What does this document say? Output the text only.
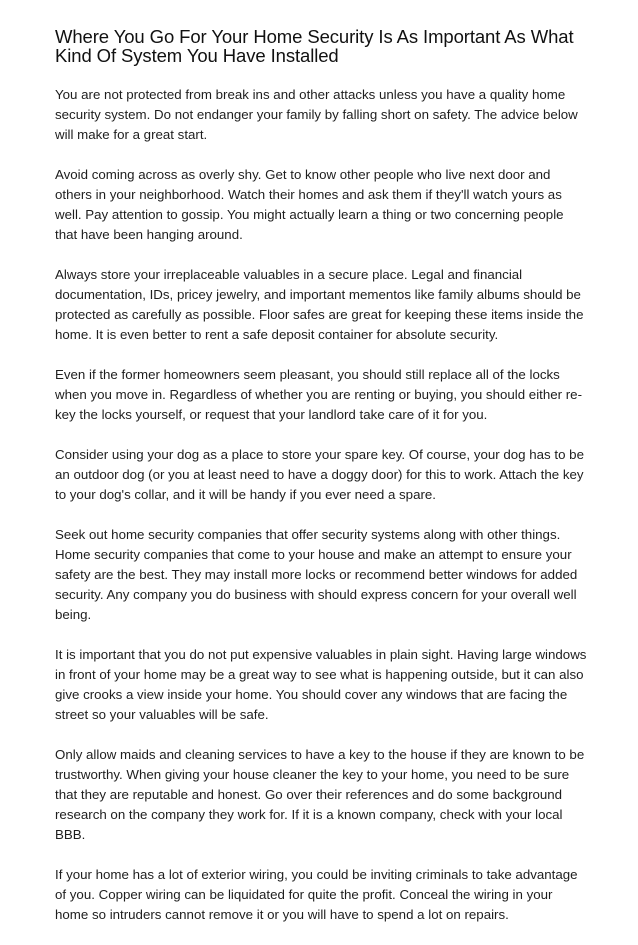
Where You Go For Your Home Security Is As Important As What Kind Of System You Have Installed

You are not protected from break ins and other attacks unless you have a quality home security system. Do not endanger your family by falling short on safety. The advice below will make for a great start.

Avoid coming across as overly shy. Get to know other people who live next door and others in your neighborhood. Watch their homes and ask them if they'll watch yours as well. Pay attention to gossip. You might actually learn a thing or two concerning people that have been hanging around.

Always store your irreplaceable valuables in a secure place. Legal and financial documentation, IDs, pricey jewelry, and important mementos like family albums should be protected as carefully as possible. Floor safes are great for keeping these items inside the home. It is even better to rent a safe deposit container for absolute security.

Even if the former homeowners seem pleasant, you should still replace all of the locks when you move in. Regardless of whether you are renting or buying, you should either re-key the locks yourself, or request that your landlord take care of it for you.

Consider using your dog as a place to store your spare key. Of course, your dog has to be an outdoor dog (or you at least need to have a doggy door) for this to work. Attach the key to your dog's collar, and it will be handy if you ever need a spare.

Seek out home security companies that offer security systems along with other things. Home security companies that come to your house and make an attempt to ensure your safety are the best. They may install more locks or recommend better windows for added security. Any company you do business with should express concern for your overall well being.

It is important that you do not put expensive valuables in plain sight. Having large windows in front of your home may be a great way to see what is happening outside, but it can also give crooks a view inside your home. You should cover any windows that are facing the street so your valuables will be safe.

Only allow maids and cleaning services to have a key to the house if they are known to be trustworthy. When giving your house cleaner the key to your home, you need to be sure that they are reputable and honest. Go over their references and do some background research on the company they work for. If it is a known company, check with your local BBB.

If your home has a lot of exterior wiring, you could be inviting criminals to take advantage of you. Copper wiring can be liquidated for quite the profit. Conceal the wiring in your home so intruders cannot remove it or you will have to spend a lot on repairs.
